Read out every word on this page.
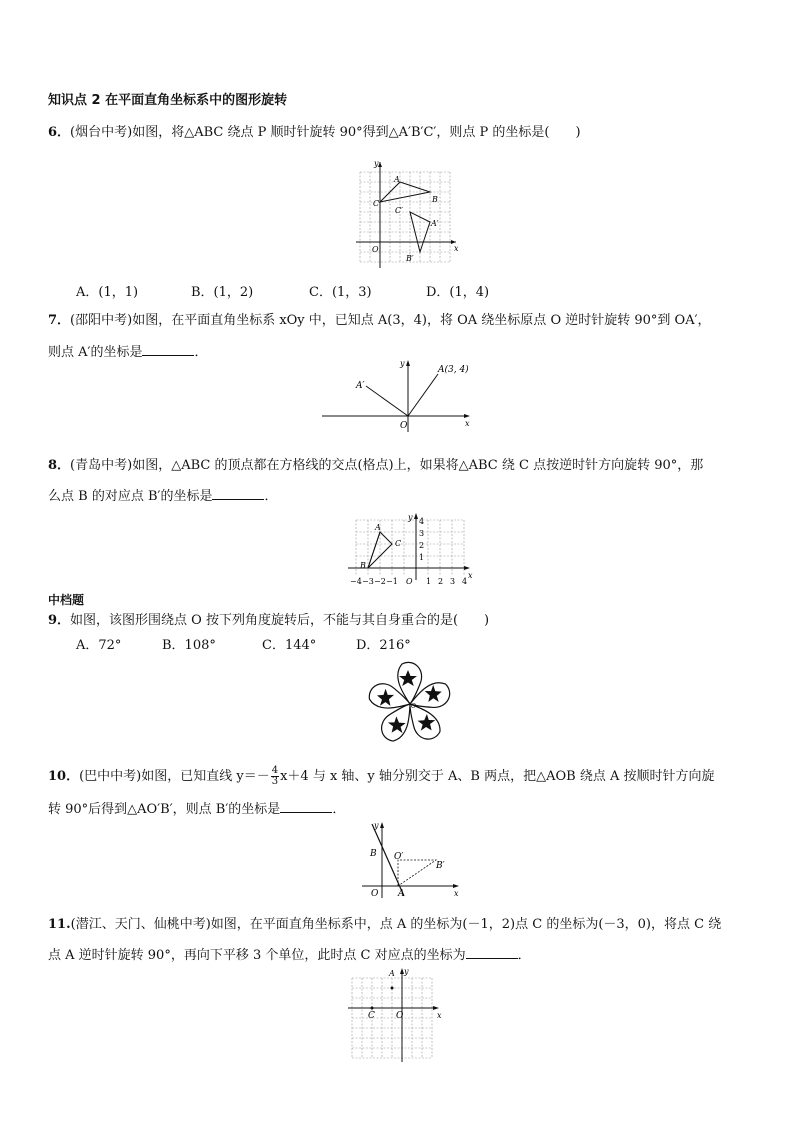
知识点 2 在平面直角坐标系中的图形旋转
6．(烟台中考)如图，将△ABC 绕点 P 顺时针旋转 90°得到△A′B′C′，则点 P 的坐标是(　　)
y
x
O
A
B
C
A′
B′
C′
A．(1，1)	B．(1，2)	C．(1，3)	D．(1，4)
7．(邵阳中考)如图，在平面直角坐标系 xOy 中，已知点 A(3，4)，将 OA 绕坐标原点 O 逆时针旋转 90°到 OA′，
则点 A′的坐标是	．
y
x
O
A(3, 4)
A′
8．(青岛中考)如图，△ABC 的顶点都在方格线的交点(格点)上，如果将△ABC 绕 C 点按逆时针方向旋转 90°，那
么点 B 的对应点 B′的坐标是	．
y
x
A
B
C
−4 −3 −2 −1 O 1 2 3 4
1
2
3
4
中档题
9．如图，该图形围绕点 O 按下列角度旋转后，不能与其自身重合的是(　　)
A．72°	B．108°	C．144°	D．216°
O
10．(巴中中考)如图，已知直线 $y=- \frac{4}{3} x+4$ 与 x 轴、y 轴分别交于 A、B 两点，把△AOB 绕点 A 按顺时针方向旋
转 90°后得到△AO′B′，则点 B′的坐标是	．
y
x
O A
B O′
B′
11.(潜江、天门、仙桃中考)如图，在平面直角坐标系中，点 A 的坐标为(－1，2)点 C 的坐标为(－3，0)，将点 C 绕
点 A 逆时针旋转 90°，再向下平移 3 个单位，此时点 C 对应点的坐标为	．
y
x
O
A
C
